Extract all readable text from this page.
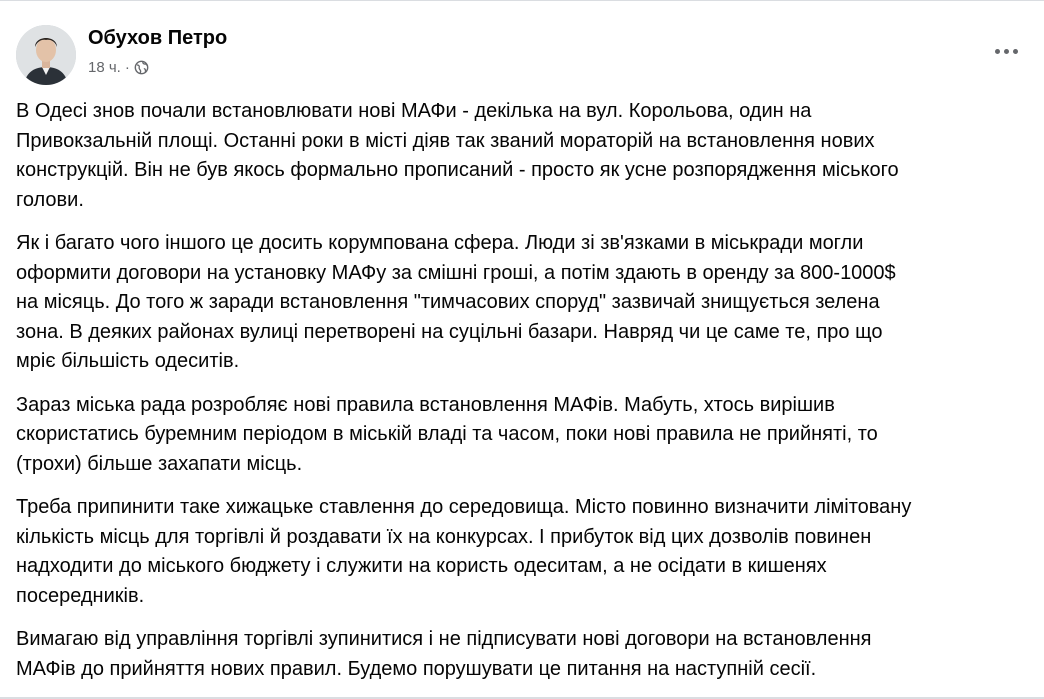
Обухов Петро
18 ч. ·

В Одесі знов почали встановлювати нові МАФи - декілька на вул. Корольова, один на
Привокзальній площі. Останні роки в місті діяв так званий мораторій на встановлення нових
конструкцій. Він не був якось формально прописаний - просто як усне розпорядження міського
голови.

Як і багато чого іншого це досить корумпована сфера. Люди зі зв'язками в міськради могли
оформити договори на установку МАФу за смішні гроші, а потім здають в оренду за 800-1000$
на місяць. До того ж заради встановлення "тимчасових споруд" зазвичай знищується зелена
зона. В деяких районах вулиці перетворені на суцільні базари. Навряд чи це саме те, про що
мріє більшість одеситів.

Зараз міська рада розробляє нові правила встановлення МАФів. Мабуть, хтось вирішив
скористатись буремним періодом в міській владі та часом, поки нові правила не прийняті, то
(трохи) більше захапати місць.

Треба припинити таке хижацьке ставлення до середовища. Місто повинно визначити лімітовану
кількість місць для торгівлі й роздавати їх на конкурсах. І прибуток від цих дозволів повинен
надходити до міського бюджету і служити на користь одеситам, а не осідати в кишенях
посередників.

Вимагаю від управління торгівлі зупинитися і не підписувати нові договори на встановлення
МАФів до прийняття нових правил. Будемо порушувати це питання на наступній сесії.
